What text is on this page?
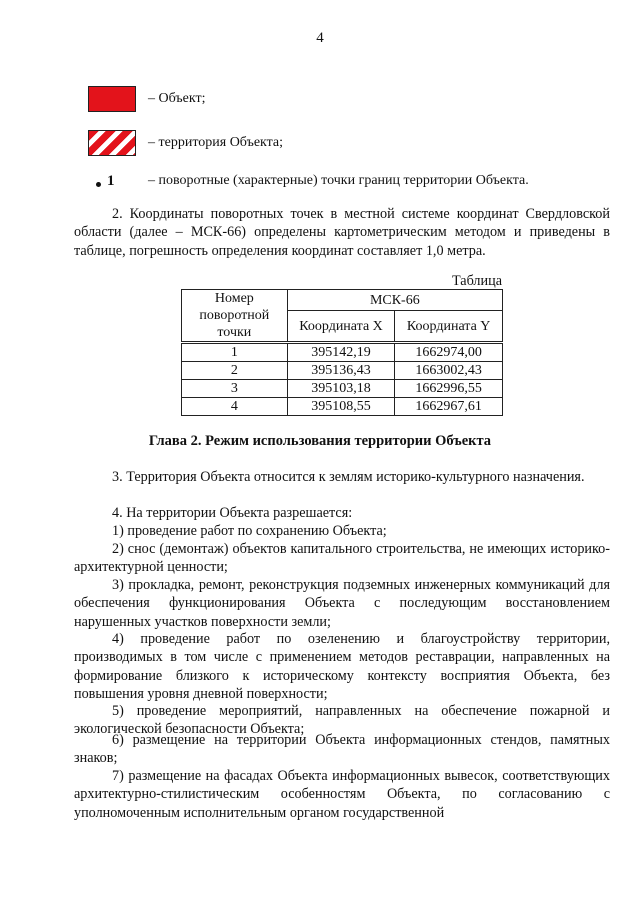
4
– Объект;
– территория Объекта;
1 – поворотные (характерные) точки границ территории Объекта.

2. Координаты поворотных точек в местной системе координат Свердловской области (далее – МСК-66) определены картометрическим методом и приведены в таблице, погрешность определения координат составляет 1,0 метра.

Таблица
Номер поворотной точки	МСК-66	
	Координата X	Координата Y
1	395142,19	1662974,00
2	395136,43	1663002,43
3	395103,18	1662996,55
4	395108,55	1662967,61
Глава 2. Режим использования территории Объекта

3. Территория Объекта относится к землям историко-культурного назначения.

4. На территории Объекта разрешается:

1) проведение работ по сохранению Объекта;

2) снос (демонтаж) объектов капитального строительства, не имеющих историко-архитектурной ценности;

3) прокладка, ремонт, реконструкция подземных инженерных коммуникаций для обеспечения функционирования Объекта с последующим восстановлением нарушенных участков поверхности земли;

4) проведение работ по озеленению и благоустройству территории, производимых в том числе с применением методов реставрации, направленных на формирование близкого к историческому контексту восприятия Объекта, без повышения уровня дневной поверхности;

5) проведение мероприятий, направленных на обеспечение пожарной и экологической безопасности Объекта;

6) размещение на территории Объекта информационных стендов, памятных знаков;

7) размещение на фасадах Объекта информационных вывесок, соответствующих архитектурно-стилистическим особенностям Объекта, по согласованию с уполномоченным исполнительным органом государственной
